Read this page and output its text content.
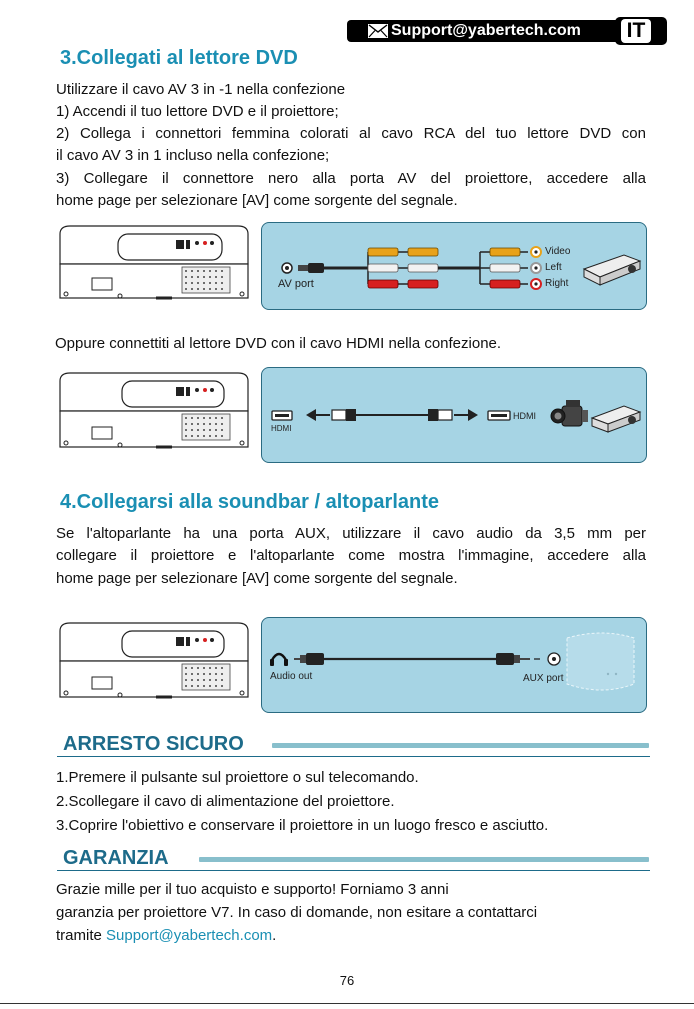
Support@yabertech.com IT
3.Collegati al lettore DVD
Utilizzare il cavo AV 3 in -1 nella confezione
1) Accendi il tuo lettore DVD e il proiettore;
2) Collega i connettori femmina colorati al cavo RCA del tuo lettore DVD con
il cavo AV 3 in 1 incluso nella confezione;
3) Collegare il connettore nero alla porta AV del proiettore, accedere alla
home page per selezionare [AV] come sorgente del segnale.
AV port
Video
Left
Right
Oppure connettiti al lettore DVD con il cavo HDMI nella confezione.
HDMI
HDMI
4.Collegarsi alla soundbar / altoparlante
Se l'altoparlante ha una porta AUX, utilizzare il cavo audio da 3,5 mm per
collegare il proiettore e l'altoparlante come mostra l'immagine, accedere alla
home page per selezionare [AV] come sorgente del segnale.
Audio out	AUX port
ARRESTO SICURO
1.Premere il pulsante sul proiettore o sul telecomando.
2.Scollegare il cavo di alimentazione del proiettore.
3.Coprire l'obiettivo e conservare il proiettore in un luogo fresco e asciutto.
GARANZIA
Grazie mille per il tuo acquisto e supporto! Forniamo 3 anni
garanzia per proiettore V7. In caso di domande, non esitare a contattarci
tramite Support@yabertech.com.
76
